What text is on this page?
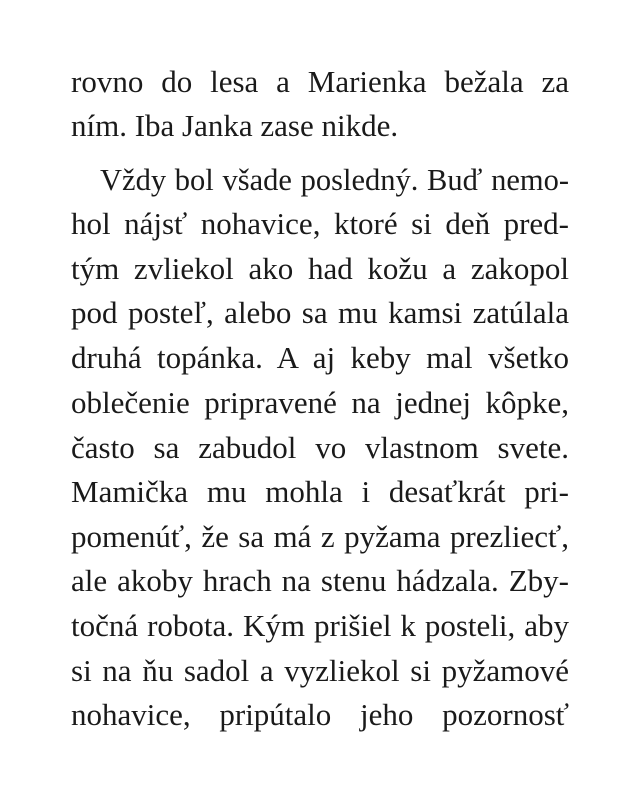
rovno do lesa a Marienka bežala za
ním. Iba Janka zase nikde.
Vždy bol všade posledný. Buď nemo-
hol nájsť nohavice, ktoré si deň pred-
tým zvliekol ako had kožu a zakopol
pod posteľ, alebo sa mu kamsi zatúlala
druhá topánka. A aj keby mal všetko
oblečenie pripravené na jednej kôpke,
často sa zabudol vo vlastnom svete.
Mamička mu mohla i desaťkrát pri-
pomenúť, že sa má z pyžama prezliecť,
ale akoby hrach na stenu hádzala. Zby-
točná robota. Kým prišiel k posteli, aby
si na ňu sadol a vyzliekol si pyžamové
nohavice, pripútalo jeho pozornosť
